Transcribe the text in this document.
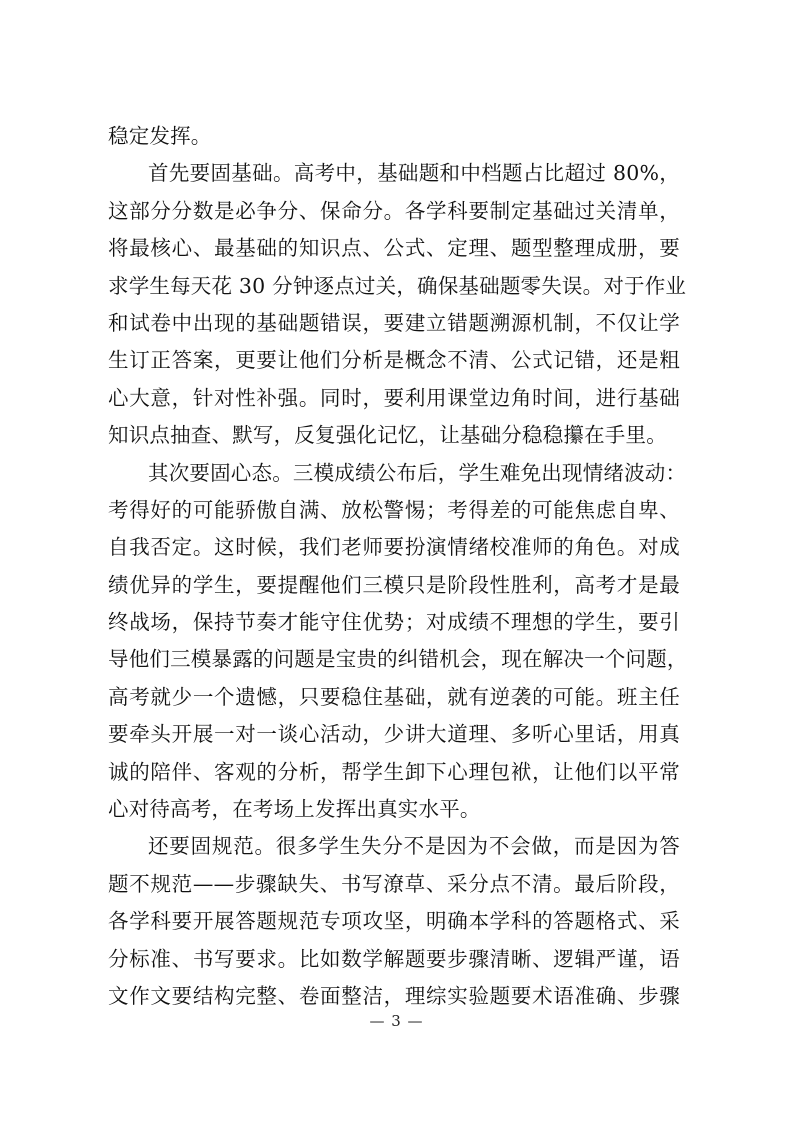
稳定发挥。
首先要固基础。高考中，基础题和中档题占比超过 80%，
这部分分数是必争分、保命分。各学科要制定基础过关清单，
将最核心、最基础的知识点、公式、定理、题型整理成册，要
求学生每天花 30 分钟逐点过关，确保基础题零失误。对于作业
和试卷中出现的基础题错误，要建立错题溯源机制，不仅让学
生订正答案，更要让他们分析是概念不清、公式记错，还是粗
心大意，针对性补强。同时，要利用课堂边角时间，进行基础
知识点抽查、默写，反复强化记忆，让基础分稳稳攥在手里。
其次要固心态。三模成绩公布后，学生难免出现情绪波动：
考得好的可能骄傲自满、放松警惕；考得差的可能焦虑自卑、
自我否定。这时候，我们老师要扮演情绪校准师的角色。对成
绩优异的学生，要提醒他们三模只是阶段性胜利，高考才是最
终战场，保持节奏才能守住优势；对成绩不理想的学生，要引
导他们三模暴露的问题是宝贵的纠错机会，现在解决一个问题，
高考就少一个遗憾，只要稳住基础，就有逆袭的可能。班主任
要牵头开展一对一谈心活动，少讲大道理、多听心里话，用真
诚的陪伴、客观的分析，帮学生卸下心理包袱，让他们以平常
心对待高考，在考场上发挥出真实水平。
还要固规范。很多学生失分不是因为不会做，而是因为答
题不规范——步骤缺失、书写潦草、采分点不清。最后阶段，
各学科要开展答题规范专项攻坚，明确本学科的答题格式、采
分标准、书写要求。比如数学解题要步骤清晰、逻辑严谨，语
文作文要结构完整、卷面整洁，理综实验题要术语准确、步骤
— 3 —
